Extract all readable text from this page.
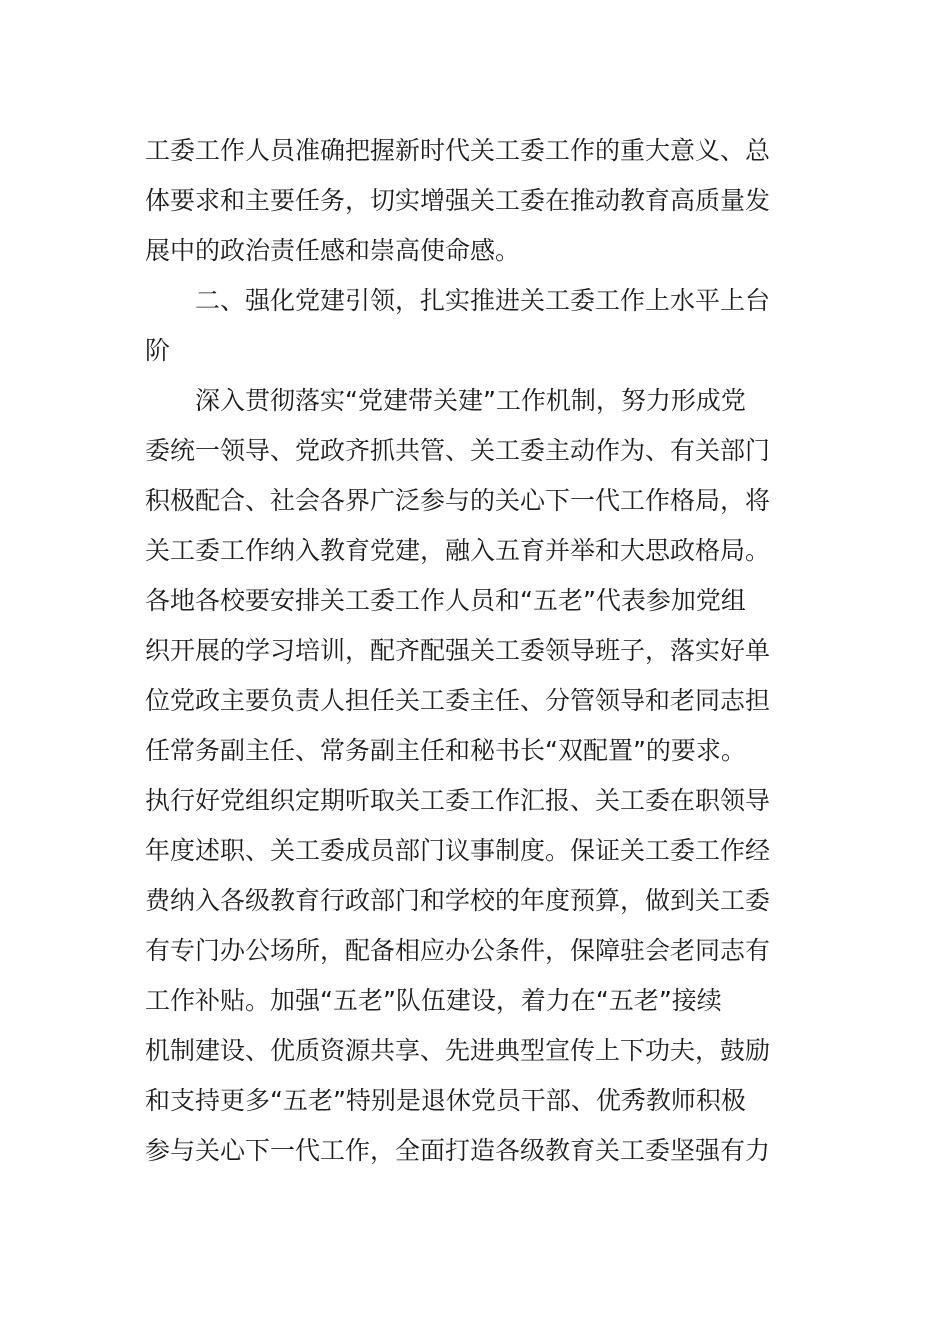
工委工作人员准确把握新时代关工委工作的重大意义、总
体要求和主要任务，切实增强关工委在推动教育高质量发
展中的政治责任感和崇高使命感。
二、强化党建引领，扎实推进关工委工作上水平上台
阶
深入贯彻落实“党建带关建”工作机制，努力形成党
委统一领导、党政齐抓共管、关工委主动作为、有关部门
积极配合、社会各界广泛参与的关心下一代工作格局，将
关工委工作纳入教育党建，融入五育并举和大思政格局。
各地各校要安排关工委工作人员和“五老”代表参加党组
织开展的学习培训，配齐配强关工委领导班子，落实好单
位党政主要负责人担任关工委主任、分管领导和老同志担
任常务副主任、常务副主任和秘书长“双配置”的要求。
执行好党组织定期听取关工委工作汇报、关工委在职领导
年度述职、关工委成员部门议事制度。保证关工委工作经
费纳入各级教育行政部门和学校的年度预算，做到关工委
有专门办公场所，配备相应办公条件，保障驻会老同志有
工作补贴。加强“五老”队伍建设，着力在“五老”接续
机制建设、优质资源共享、先进典型宣传上下功夫，鼓励
和支持更多“五老”特别是退休党员干部、优秀教师积极
参与关心下一代工作，全面打造各级教育关工委坚强有力
